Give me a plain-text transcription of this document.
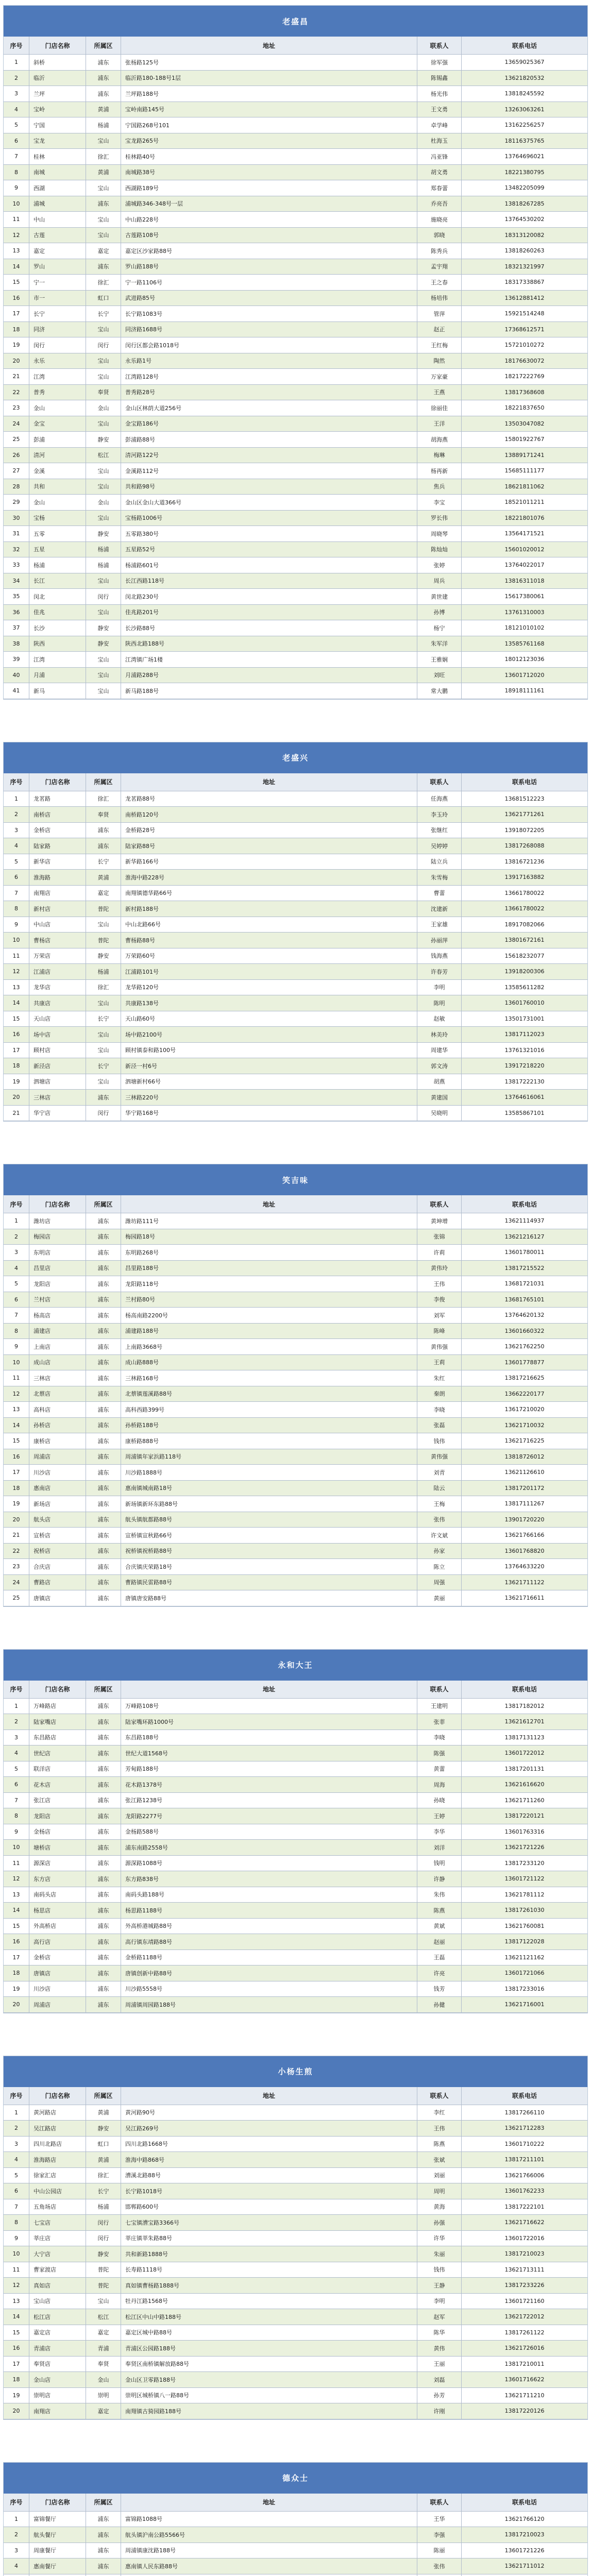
老盛昌
序号	门店名称	所属区	地址	联系人	联系电话
1	斜桥	浦东	张杨路125号	徐军强	13659025367
2	临沂	浦东	临沂路180-188号1层	陈锡鑫	13621820532
3	兰坪	浦东	兰坪路188号	杨光伟	13818245592
4	宝岭	黄浦	宝岭南路145号	王文勇	13263063261
5	宁国	杨浦	宁国路268号101	卓学峰	13162256257
6	宝龙	宝山	宝龙路265号	杜海玉	18116375765
7	桂林	徐汇	桂林路40号	冯亚锋	13764696021
8	南城	黄浦	南城路38号	胡文勇	18221380795
9	西湖	宝山	西湖路189号	郑春蕾	13482205099
10	浦城	浦东	浦城路346-348号一层	乔亮吾	13818267285
11	中山	宝山	中山路228号	施晓亮	13764530202
12	古莲	宝山	古莲路108号	郭晓	18313120082
13	嘉定	嘉定	嘉定区沙家路88号	陈秀兵	13818260263
14	罗山	浦东	罗山路188号	孟宇翔	18321321997
15	宁一	徐汇	宁一路1106号	王之春	18317338867
16	市一	虹口	武进路85号	杨培伟	13612881412
17	长宁	长宁	长宁路1083号	管萍	15921514248
18	同济	宝山	同济路1688号	赵正	17368612571
19	闵行	闵行	闵行区都会路1018号	王红梅	15721010272
20	永乐	宝山	永乐路1号	陶然	18176630072
21	江湾	宝山	江湾路128号	万家豪	18217222769
22	普秀	奉贤	普秀路28号	王燕	13817368608
23	金山	金山	金山区林荫大道256号	徐丽佳	18221837650
24	金宝	宝山	金宝路186号	王洋	13503047082
25	彭浦	静安	彭浦路88号	胡海燕	15801922767
26	清河	松江	清河路122号	梅琳	13889171241
27	金溪	宝山	金溪路112号	杨再新	15685111177
28	共和	宝山	共和路98号	焦兵	18621811062
29	金山	金山	金山区金山大道366号	李宝	18521011211
30	宝杨	宝山	宝杨路1006号	罗长伟	18221801076
31	五零	静安	五零路380号	周晓琴	13564171521
32	五星	杨浦	五星路52号	陈灿灿	15601020012
33	杨浦	杨浦	杨浦路601号	张婷	13764022017
34	长江	宝山	长江西路118号	周兵	13816311018
35	闵北	闵行	闵北路230号	黄世建	15617380061
36	佳兆	宝山	佳兆路201号	孙博	13761310003
37	长沙	静安	长沙路88号	杨宁	18121010102
38	陕西	静安	陕西北路188号	朱军洋	13585761168
39	江湾	宝山	江湾镇广场1楼	王雅娴	18012123036
40	月浦	宝山	月浦路288号	刘旺	13601712020
41	新马	宝山	新马路188号	常大鹏	18918111161
老盛兴
序号	门店名称	所属区	地址	联系人	联系电话
1	龙茗路	徐汇	龙茗路88号	任海燕	13681512223
2	南桥店	奉贤	南桥路120号	李玉玲	13621771261
3	金桥店	浦东	金桥路28号	张继红	13918072205
4	陆家路	浦东	陆家路88号	吴婷婷	13817268088
5	新华店	长宁	新华路166号	陆立兵	13816721236
6	淮海路	黄浦	淮海中路228号	朱雪梅	13917163882
7	南翔店	嘉定	南翔镇德华路66号	曹蕾	13661780022
8	新村店	普陀	新村路188号	沈建新	13661780022
9	中山店	宝山	中山北路66号	王家雄	18917082066
10	曹杨店	普陀	曹杨路88号	孙丽萍	13801672161
11	万荣店	静安	万荣路60号	钱海燕	15618232077
12	江浦店	杨浦	江浦路101号	许春芳	13918200306
13	龙华店	徐汇	龙华路120号	李明	13585611282
14	共康店	宝山	共康路138号	陈明	13601760010
15	天山店	长宁	天山路60号	赵敏	13501731001
16	场中店	宝山	场中路2100号	林美玲	13817112023
17	顾村店	宝山	顾村镇泰和路100号	周建华	13761321016
18	新泾店	长宁	新泾一村6号	郭文涛	13917218220
19	泗塘店	宝山	泗塘新村66号	胡燕	13817222130
20	三林店	浦东	三林路220号	黄建国	13764616061
21	华宁店	闵行	华宁路168号	吴晓明	13585867101
笑吉味
序号	门店名称	所属区	地址	联系人	联系电话
1	潍坊店	浦东	潍坊路111号	黄坤增	13621114937
2	梅园店	浦东	梅园路18号	张锦	13621216127
3	东明店	浦东	东明路268号	许莉	13601780011
4	昌里店	浦东	昌里路188号	黄伟玲	13817215522
5	龙阳店	浦东	龙阳路118号	王伟	13681721031
6	兰村店	浦东	兰村路80号	李俊	13681765101
7	杨高店	浦东	杨高南路2200号	刘军	13764620132
8	浦建店	浦东	浦建路188号	陈峰	13601660322
9	上南店	浦东	上南路3668号	黄伟强	13621762250
10	成山店	浦东	成山路888号	王莉	13601778877
11	三林店	浦东	三林路168号	朱红	13817216625
12	北蔡店	浦东	北蔡镇莲溪路88号	秦朗	13662220177
13	高科店	浦东	高科西路399号	李晓	13617210020
14	孙桥店	浦东	孙桥路188号	张磊	13621710032
15	康桥店	浦东	康桥路888号	钱伟	13621716225
16	周浦店	浦东	周浦镇年家浜路118号	黄伟强	13818726012
17	川沙店	浦东	川沙路1888号	刘青	13621126610
18	惠南店	浦东	惠南镇城南路18号	陆云	13817201172
19	新场店	浦东	新场镇新环东路88号	王梅	13817111267
20	航头店	浦东	航头镇航都路88号	张伟	13901720220
21	宣桥店	浦东	宣桥镇宣秋路66号	许文斌	13621766166
22	祝桥店	浦东	祝桥镇祝桥路88号	孙家	13601768820
23	合庆店	浦东	合庆镇庆荣路18号	陈立	13764633220
24	曹路店	浦东	曹路镇民雷路88号	周强	13621711122
25	唐镇店	浦东	唐镇唐安路88号	黄丽	13621716611
永和大王
序号	门店名称	所属区	地址	联系人	联系电话
1	万峰路店	浦东	万峰路108号	王建明	13817182012
2	陆家嘴店	浦东	陆家嘴环路1000号	张菲	13621612701
3	东昌路店	浦东	东昌路188号	李晓	13817131123
4	世纪店	浦东	世纪大道1568号	陈强	13601722012
5	联洋店	浦东	芳甸路188号	黄蕾	13817201131
6	花木店	浦东	花木路1378号	周海	13621616620
7	张江店	浦东	张江路1238号	孙晓	13621711260
8	龙阳店	浦东	龙阳路2277号	王婷	13817220121
9	金杨店	浦东	金杨路588号	李华	13601763316
10	塘桥店	浦东	浦东南路2558号	刘洋	13621721226
11	源深店	浦东	源深路1088号	钱明	13817233120
12	东方店	浦东	东方路838号	许静	13601721122
13	南码头店	浦东	南码头路188号	朱伟	13621781112
14	杨思店	浦东	杨思路1188号	陈燕	13817261030
15	外高桥店	浦东	外高桥港城路88号	黄斌	13621760081
16	高行店	浦东	高行镇东靖路88号	赵丽	13817122028
17	金桥店	浦东	金桥路1188号	王磊	13621121162
18	唐镇店	浦东	唐镇创新中路88号	许亮	13601721066
19	川沙店	浦东	川沙路5558号	钱芳	13817233016
20	周浦店	浦东	周浦镇周园路188号	孙健	13621716001
小杨生煎
序号	门店名称	所属区	地址	联系人	联系电话
1	黄河路店	黄浦	黄河路90号	李红	13817266110
2	吴江路店	静安	吴江路269号	王伟	13621712283
3	四川北路店	虹口	四川北路1668号	陈燕	13601710222
4	淮海路店	黄浦	淮海中路868号	张斌	13817211101
5	徐家汇店	徐汇	漕溪北路88号	刘丽	13621766006
6	中山公园店	长宁	长宁路1018号	周明	13601762233
7	五角场店	杨浦	邯郸路600号	黄海	13817222101
8	七宝店	闵行	七宝镇漕宝路3366号	孙强	13621716622
9	莘庄店	闵行	莘庄镇莘朱路88号	许华	13601722016
10	大宁店	静安	共和新路1888号	朱丽	13817210023
11	曹家渡店	普陀	长寿路1118号	钱伟	13621713111
12	真如店	普陀	真如镇曹杨路1888号	王静	13817233226
13	宝山店	宝山	牡丹江路1568号	李明	13601721160
14	松江店	松江	松江区中山中路188号	赵军	13621722012
15	嘉定店	嘉定	嘉定区城中路88号	陈华	13817261122
16	青浦店	青浦	青浦区公园路188号	黄伟	13621726016
17	奉贤店	奉贤	奉贤区南桥镇解放路88号	王丽	13817210011
18	金山店	金山	金山区卫零路188号	刘磊	13601716622
19	崇明店	崇明	崇明区城桥镇八一路88号	孙芳	13621711210
20	南翔店	嘉定	南翔镇古猗园路188号	许刚	13817220126
德众士
序号	门店名称	所属区	地址	联系人	联系电话
1	富锦餐厅	浦东	富锦路1088号	王华	13621766120
2	航头餐厅	浦东	航头镇沪南公路5566号	李强	13817210023
3	周康餐厅	浦东	周浦镇康沈路188号	陈丽	13601721226
4	惠南餐厅	浦东	惠南镇人民东路88号	张伟	13621711012
